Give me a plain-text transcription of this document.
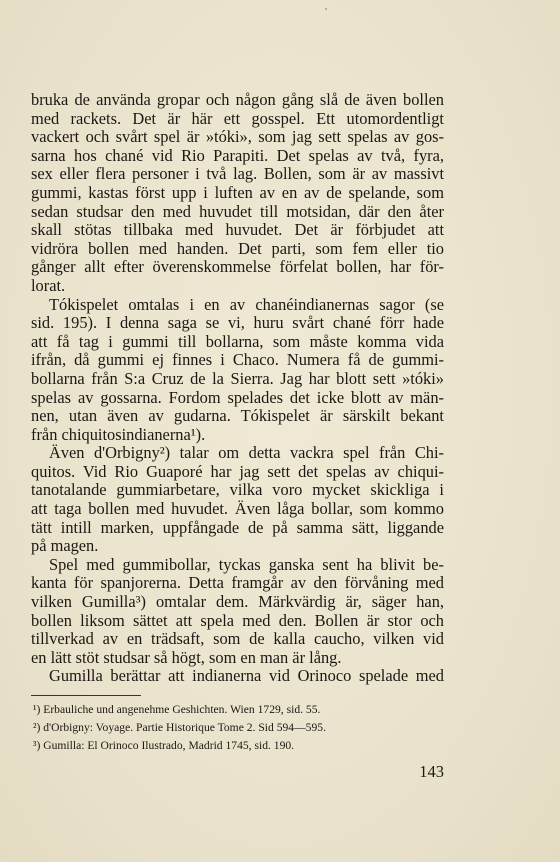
bruka de använda gropar och någon gång slå de även bollen
med rackets. Det är här ett gosspel. Ett utomordentligt
vackert och svårt spel är »tóki», som jag sett spelas av gos-
sarna hos chané vid Rio Parapiti. Det spelas av två, fyra,
sex eller flera personer i två lag. Bollen, som är av massivt
gummi, kastas först upp i luften av en av de spelande, som
sedan studsar den med huvudet till motsidan, där den åter
skall stötas tillbaka med huvudet. Det är förbjudet att
vidröra bollen med handen. Det parti, som fem eller tio
gånger allt efter överenskommelse förfelat bollen, har för-
lorat.
Tókispelet omtalas i en av chanéindianernas sagor (se
sid. 195). I denna saga se vi, huru svårt chané förr hade
att få tag i gummi till bollarna, som måste komma vida
ifrån, då gummi ej finnes i Chaco. Numera få de gummi-
bollarna från S:a Cruz de la Sierra. Jag har blott sett »tóki»
spelas av gossarna. Fordom spelades det icke blott av män-
nen, utan även av gudarna. Tókispelet är särskilt bekant
från chiquitosindianerna¹).
Även d'Orbigny²) talar om detta vackra spel från Chi-
quitos. Vid Rio Guaporé har jag sett det spelas av chiqui-
tanotalande gummiarbetare, vilka voro mycket skickliga i
att taga bollen med huvudet. Även låga bollar, som kommo
tätt intill marken, uppfångade de på samma sätt, liggande
på magen.
Spel med gummibollar, tyckas ganska sent ha blivit be-
kanta för spanjorerna. Detta framgår av den förvåning med
vilken Gumilla³) omtalar dem. Märkvärdig är, säger han,
bollen liksom sättet att spela med den. Bollen är stor och
tillverkad av en trädsaft, som de kalla caucho, vilken vid
en lätt stöt studsar så högt, som en man är lång.
Gumilla berättar att indianerna vid Orinoco spelade med
¹) Erbauliche und angenehme Geshichten. Wien 1729, sid. 55.
²) d'Orbigny: Voyage. Partie Historique Tome 2. Sid 594—595.
³) Gumilla: El Orinoco Ilustrado, Madrid 1745, sid. 190.
143
